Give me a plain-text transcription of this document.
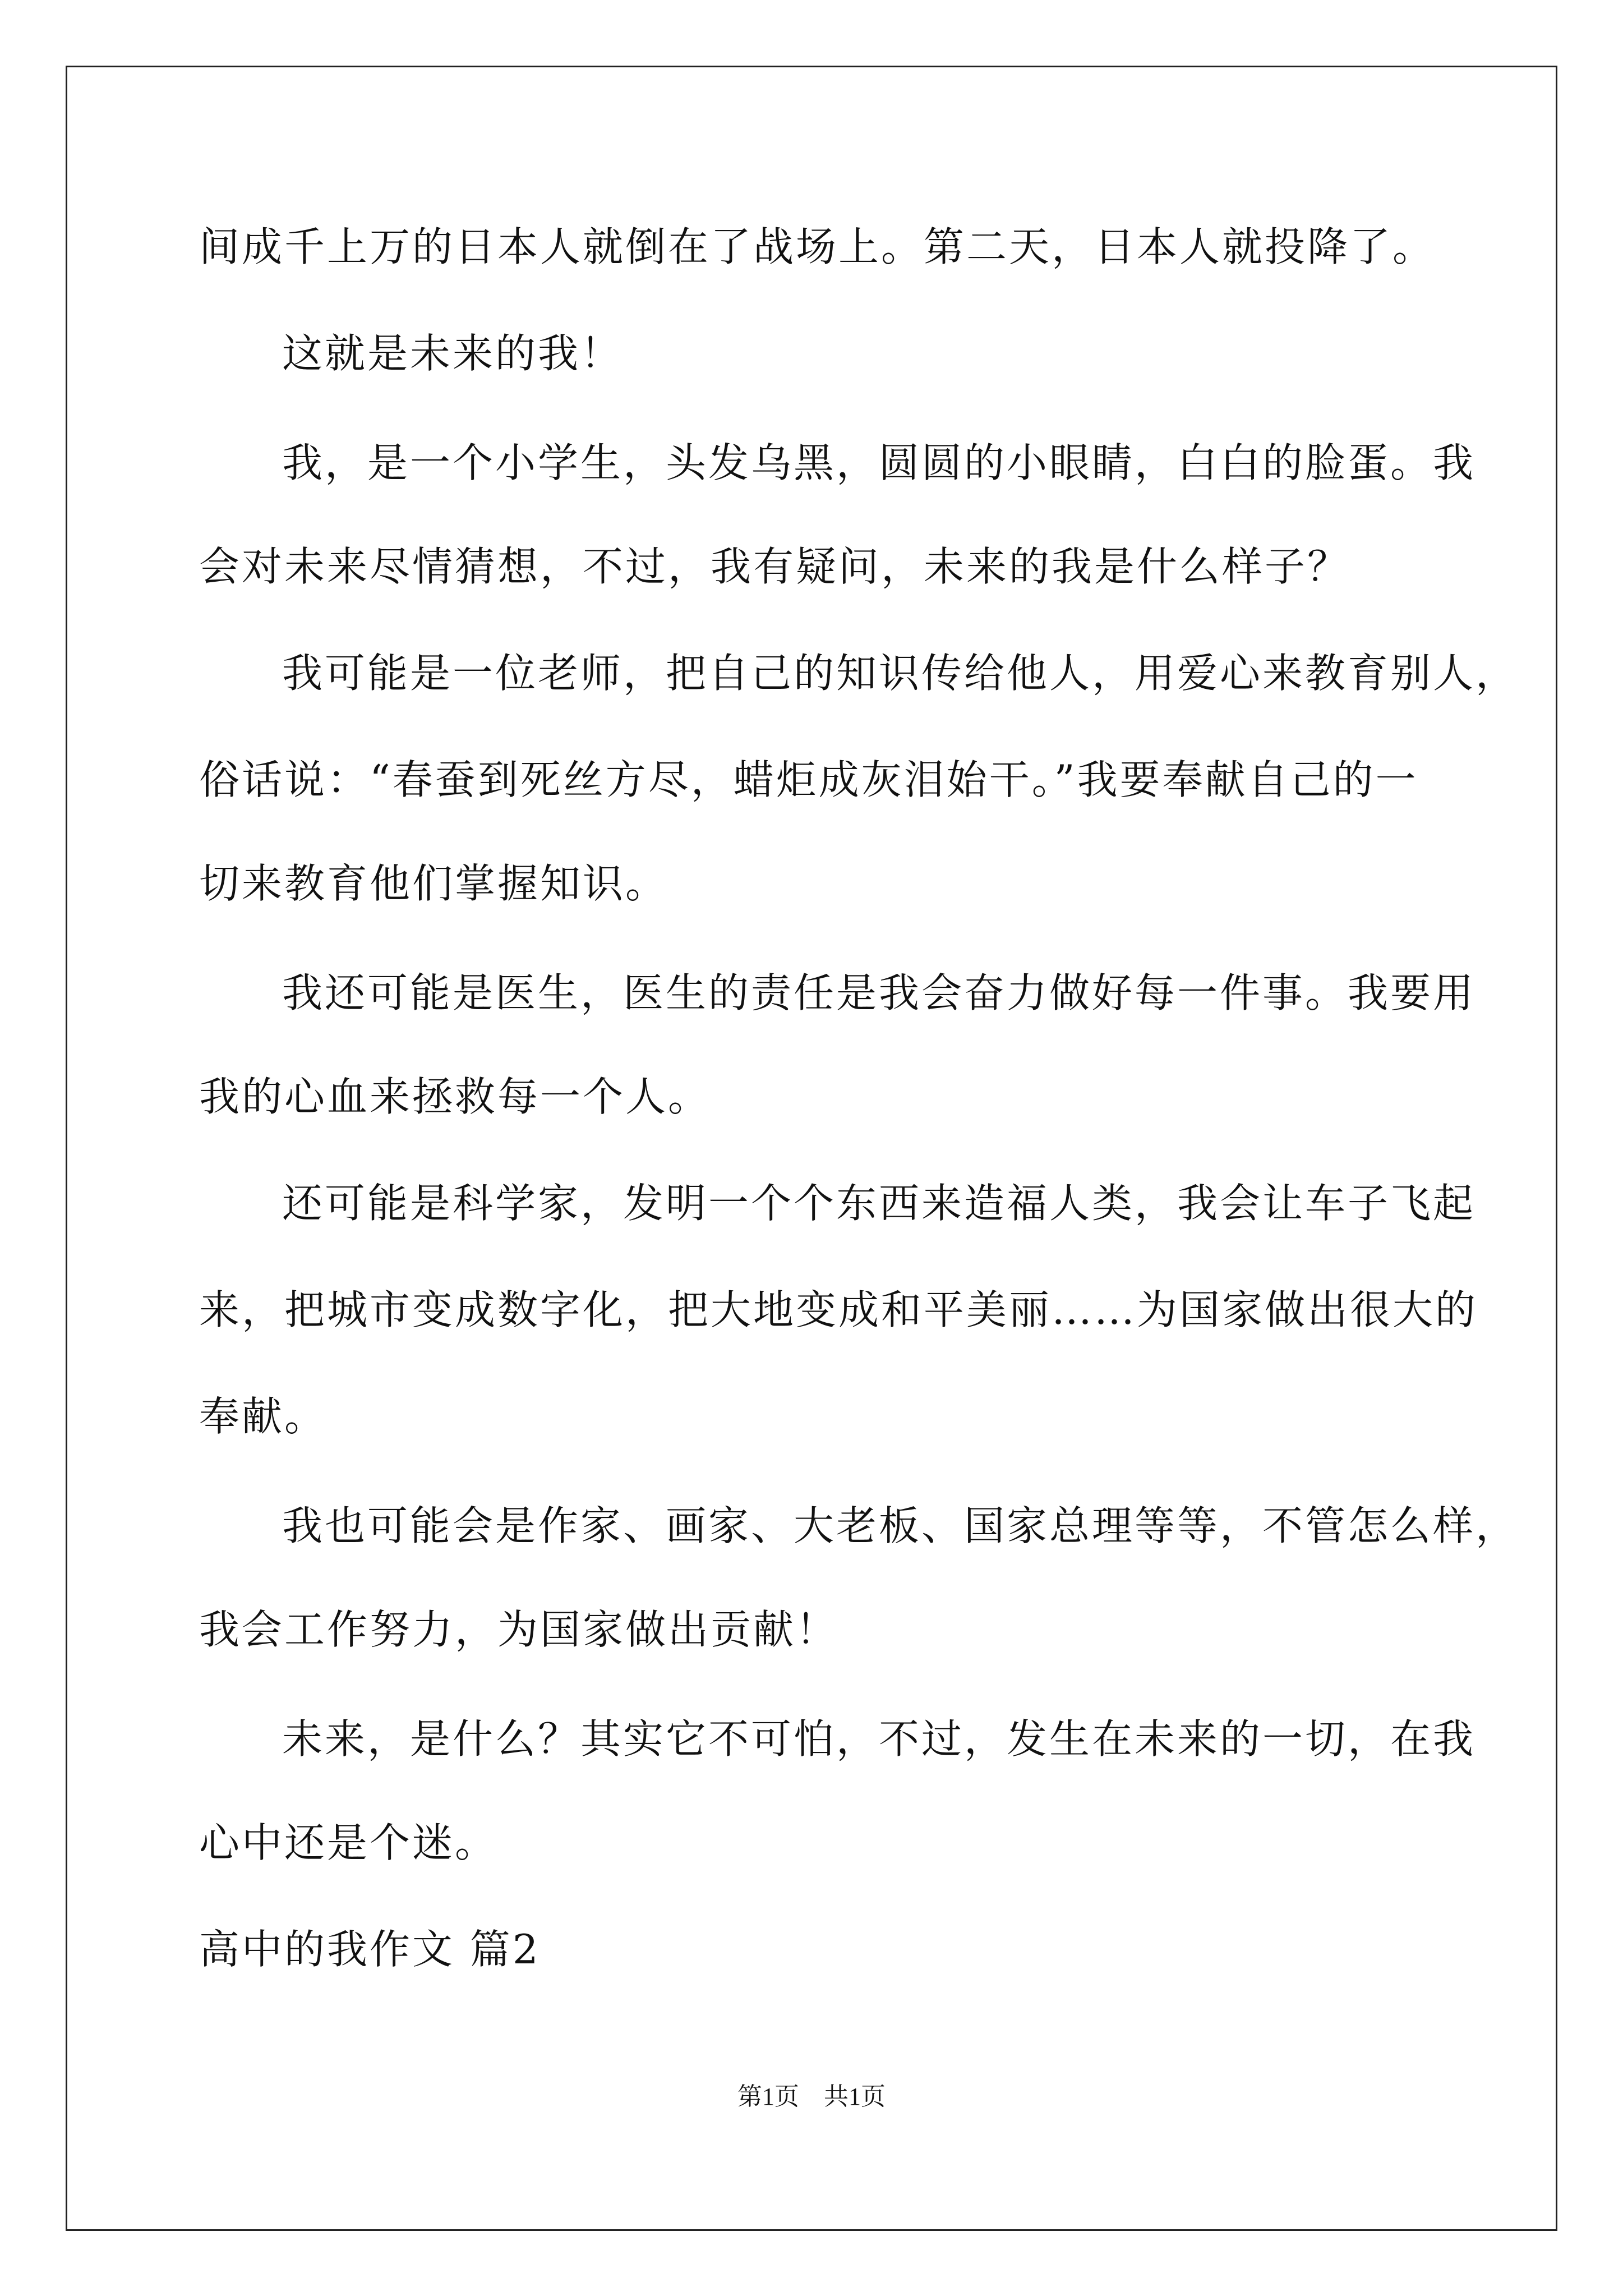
间成千上万的日本人就倒在了战场上。第二天，日本人就投降了。
这就是未来的我！
我，是一个小学生，头发乌黑，圆圆的小眼睛，白白的脸蛋。我
会对未来尽情猜想，不过，我有疑问，未来的我是什么样子？
我可能是一位老师，把自己的知识传给他人，用爱心来教育别人，
俗话说：“春蚕到死丝方尽，蜡炬成灰泪始干。”我要奉献自己的一
切来教育他们掌握知识。
我还可能是医生，医生的责任是我会奋力做好每一件事。我要用
我的心血来拯救每一个人。
还可能是科学家，发明一个个东西来造福人类，我会让车子飞起
来，把城市变成数字化，把大地变成和平美丽……为国家做出很大的
奉献。
我也可能会是作家、画家、大老板、国家总理等等，不管怎么样，
我会工作努力，为国家做出贡献！
未来，是什么？其实它不可怕，不过，发生在未来的一切，在我
心中还是个迷。
高中的我作文 篇2
第1页　共1页
